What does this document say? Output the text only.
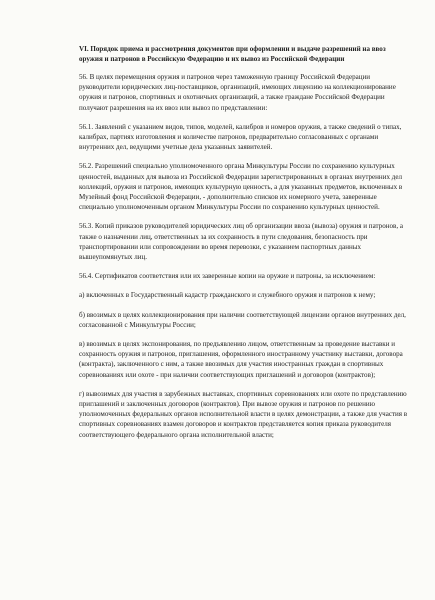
VI. Порядок приема и рассмотрения документов при оформлении и выдаче разрешений на ввоз оружия и патронов в Российскую Федерацию и их вывоз из Российской Федерации

56. В целях перемещения оружия и патронов через таможенную границу Российской Федерации руководители юридических лиц-поставщиков, организаций, имеющих лицензию на коллекционирование оружия и патронов, спортивных и охотничьих организаций, а также граждане Российской Федерации получают разрешения на их ввоз или вывоз по представлении:

56.1. Заявлений с указанием видов, типов, моделей, калибров и номеров оружия, а также сведений о типах, калибрах, партиях изготовления и количестве патронов, предварительно согласованных с органами внутренних дел, ведущими учетные дела указанных заявителей.

56.2. Разрешений специально уполномоченного органа Минкультуры России по сохранению культурных ценностей, выданных для вывоза из Российской Федерации зарегистрированных в органах внутренних дел коллекций, оружия и патронов, имеющих культурную ценность, а для указанных предметов, включенных в Музейный фонд Российской Федерации, - дополнительно списков их номерного учета, заверенные специально уполномоченным органом Минкультуры России по сохранению культурных ценностей.

56.3. Копий приказов руководителей юридических лиц об организации ввоза (вывоза) оружия и патронов, а также о назначении лиц, ответственных за их сохранность в пути следования, безопасность при транспортировании или сопровождении во время перевозки, с указанием паспортных данных вышеупомянутых лиц.

56.4. Сертификатов соответствия или их заверенные копии на оружие и патроны, за исключением:

а) включенных в Государственный кадастр гражданского и служебного оружия и патронов к нему;

б) ввозимых в целях коллекционирования при наличии соответствующей лицензии органов внутренних дел, согласованной с Минкультуры России;

в) ввозимых в целях экспонирования, по предъявлению лицом, ответственным за проведение выставки и сохранность оружия и патронов, приглашения, оформленного иностранному участнику выставки, договора (контракта), заключенного с ним, а также ввозимых для участия иностранных граждан в спортивных соревнованиях или охоте - при наличии соответствующих приглашений и договоров (контрактов);

г) вывозимых для участия в зарубежных выставках, спортивных соревнованиях или охоте по представлению приглашений и заключенных договоров (контрактов). При вывозе оружия и патронов по решению уполномоченных федеральных органов исполнительной власти в целях демонстрации, а также для участия в спортивных соревнованиях взамен договоров и контрактов представляется копия приказа руководителя соответствующего федерального органа исполнительной власти;
